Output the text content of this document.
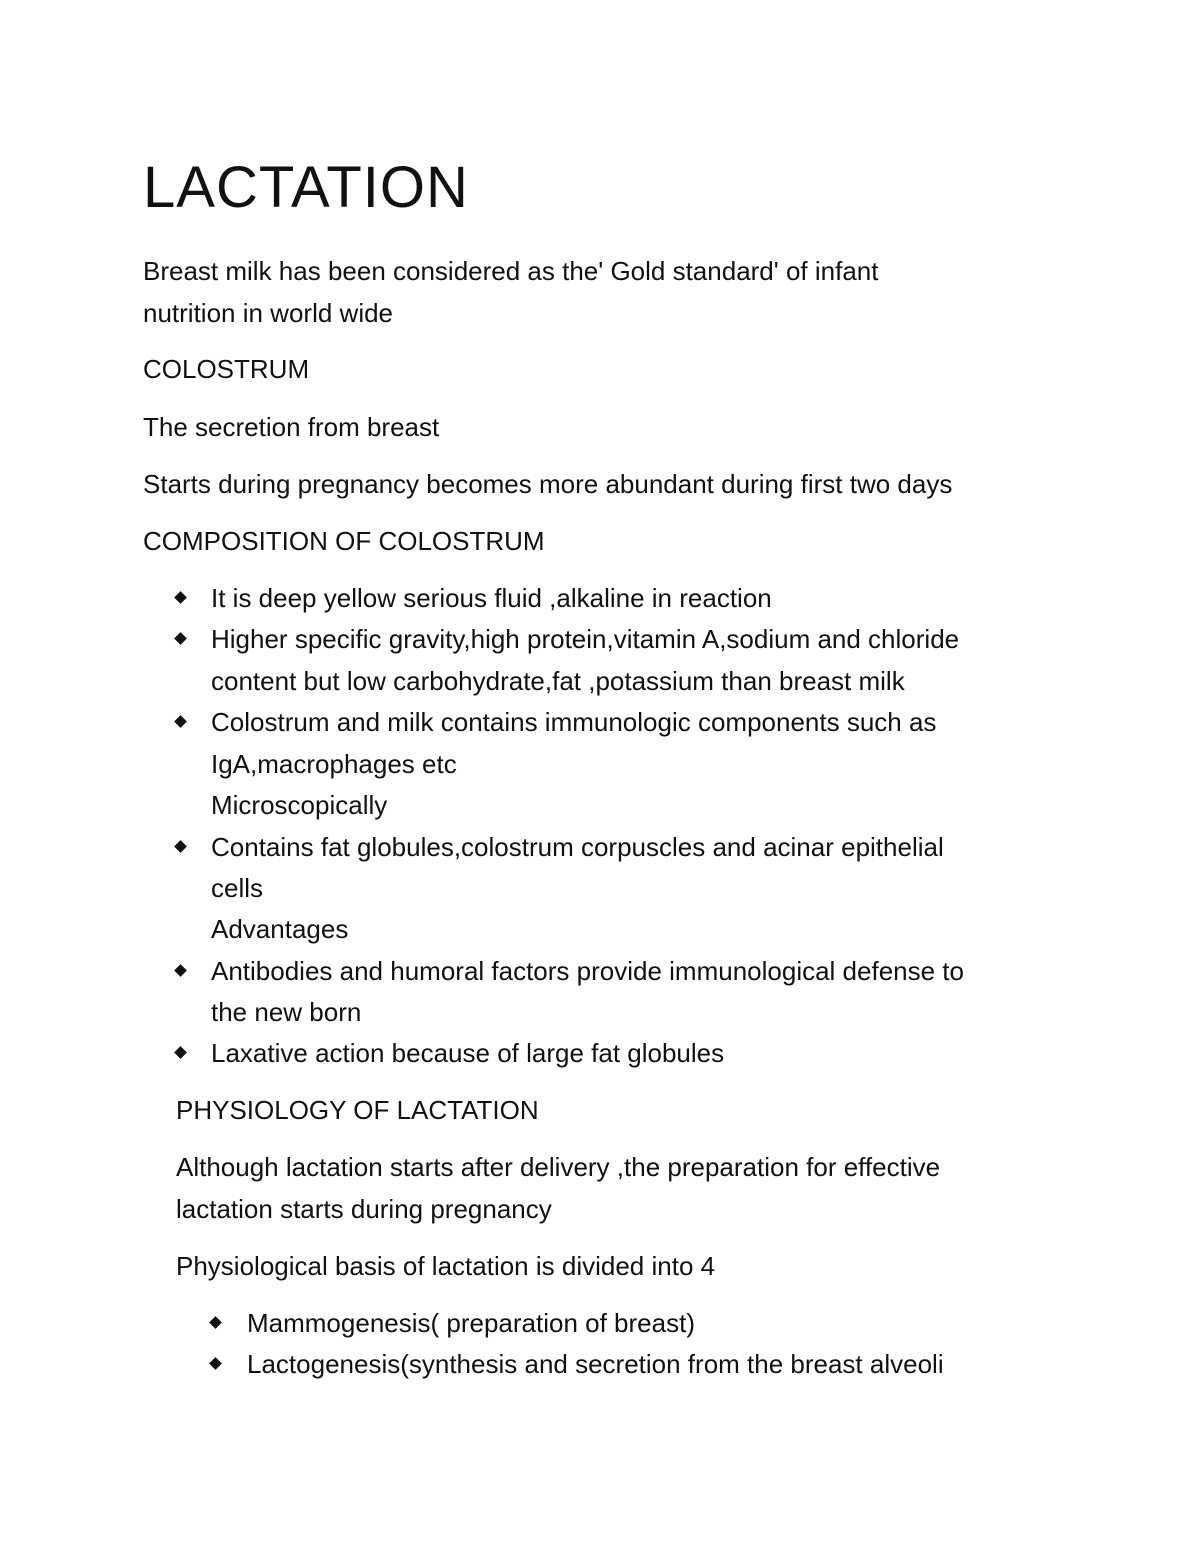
LACTATION

Breast milk has been considered as the' Gold standard' of infant

nutrition in world wide

COLOSTRUM

The secretion from breast

Starts during pregnancy becomes more abundant during first two days

COMPOSITION OF COLOSTRUM

It is deep yellow serious fluid ,alkaline in reaction

Higher specific gravity,high protein,vitamin A,sodium and chloride

content but low carbohydrate,fat ,potassium than breast milk

Colostrum and milk contains immunologic components such as

IgA,macrophages etc

Microscopically

Contains fat globules,colostrum corpuscles and acinar epithelial

cells

Advantages

Antibodies and humoral factors provide immunological defense to

the new born

Laxative action because of large fat globules

PHYSIOLOGY OF LACTATION

Although lactation starts after delivery ,the preparation for effective

lactation starts during pregnancy

Physiological basis of lactation is divided into 4

Mammogenesis( preparation of breast)

Lactogenesis(synthesis and secretion from the breast alveoli
